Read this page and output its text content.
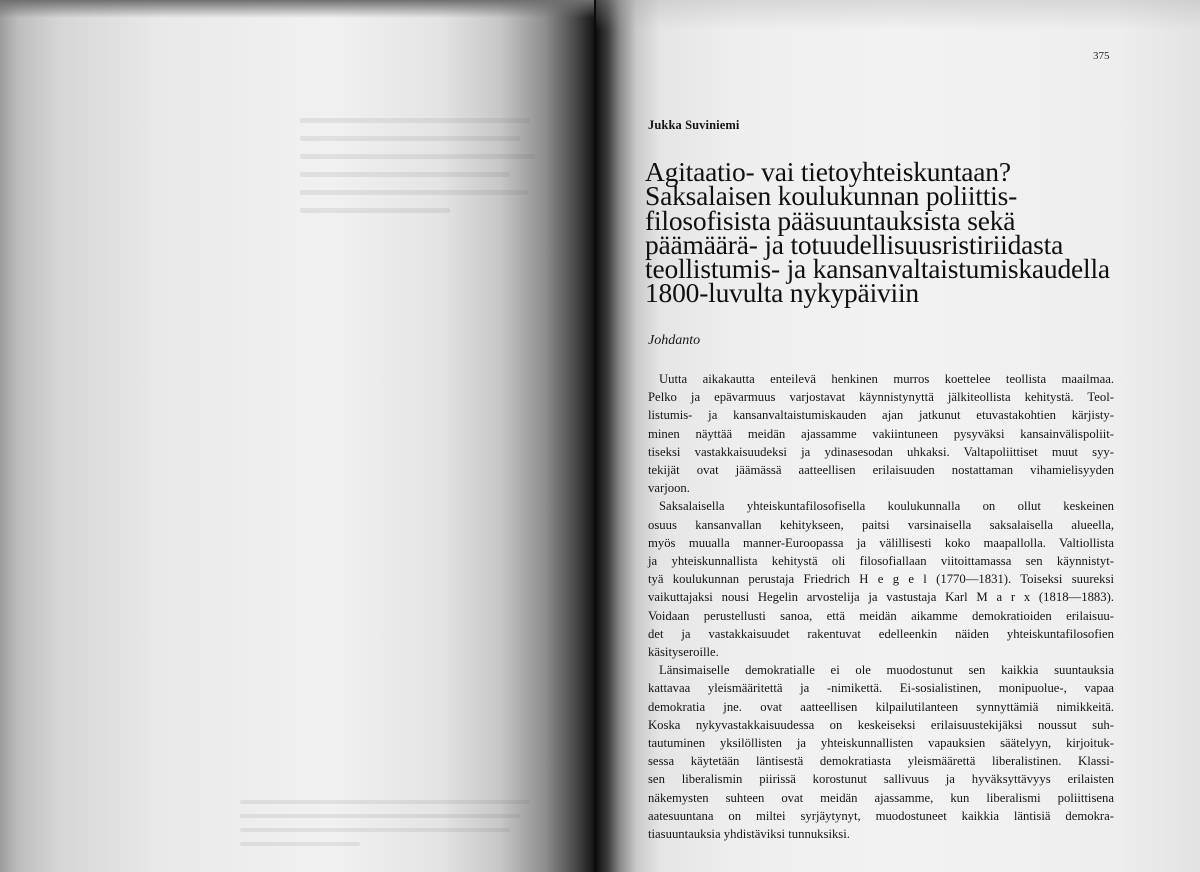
375
Jukka Suviniemi
Agitaatio- vai tietoyhteiskuntaan?
Saksalaisen koulukunnan poliittis-
filosofisista pääsuuntauksista sekä
päämäärä- ja totuudellisuusristiriidasta
teollistumis- ja kansanvaltaistumiskaudella
1800-luvulta nykypäiviin
Johdanto

Uutta aikakautta enteilevä henkinen murros koettelee teollista maailmaa.
Pelko ja epävarmuus varjostavat käynnistynyttä jälkiteollista kehitystä. Teol-
listumis- ja kansanvaltaistumiskauden ajan jatkunut etuvastakohtien kärjisty-
minen näyttää meidän ajassamme vakiintuneen pysyväksi kansainvälispoliit-
tiseksi vastakkaisuudeksi ja ydinasesodan uhkaksi. Valtapoliittiset muut syy-
tekijät ovat jäämässä aatteellisen erilaisuuden nostattaman vihamielisyyden
varjoon.

Saksalaisella yhteiskuntafilosofisella koulukunnalla on ollut keskeinen
osuus kansanvallan kehitykseen, paitsi varsinaisella saksalaisella alueella,
myös muualla manner-Euroopassa ja välillisesti koko maapallolla. Valtiollista
ja yhteiskunnallista kehitystä oli filosofiallaan viitoittamassa sen käynnistyt-
tyä koulukunnan perustaja Friedrich H e g e l (1770—1831). Toiseksi suureksi
vaikuttajaksi nousi Hegelin arvostelija ja vastustaja Karl M a r x (1818—1883).
Voidaan perustellusti sanoa, että meidän aikamme demokratioiden erilaisuu-
det ja vastakkaisuudet rakentuvat edelleenkin näiden yhteiskuntafilosofien
käsityseroille.

Länsimaiselle demokratialle ei ole muodostunut sen kaikkia suuntauksia
kattavaa yleismääritettä ja -nimikettä. Ei-sosialistinen, monipuolue-, vapaa
demokratia jne. ovat aatteellisen kilpailutilanteen synnyttämiä nimikkeitä.
Koska nykyvastakkaisuudessa on keskeiseksi erilaisuustekijäksi noussut suh-
tautuminen yksilöllisten ja yhteiskunnallisten vapauksien säätelyyn, kirjoituk-
sessa käytetään läntisestä demokratiasta yleismäärettä liberalistinen. Klassi-
sen liberalismin piirissä korostunut sallivuus ja hyväksyttävyys erilaisten
näkemysten suhteen ovat meidän ajassamme, kun liberalismi poliittisena
aatesuuntana on miltei syrjäytynyt, muodostuneet kaikkia läntisiä demokra-
tiasuuntauksia yhdistäviksi tunnuksiksi.
